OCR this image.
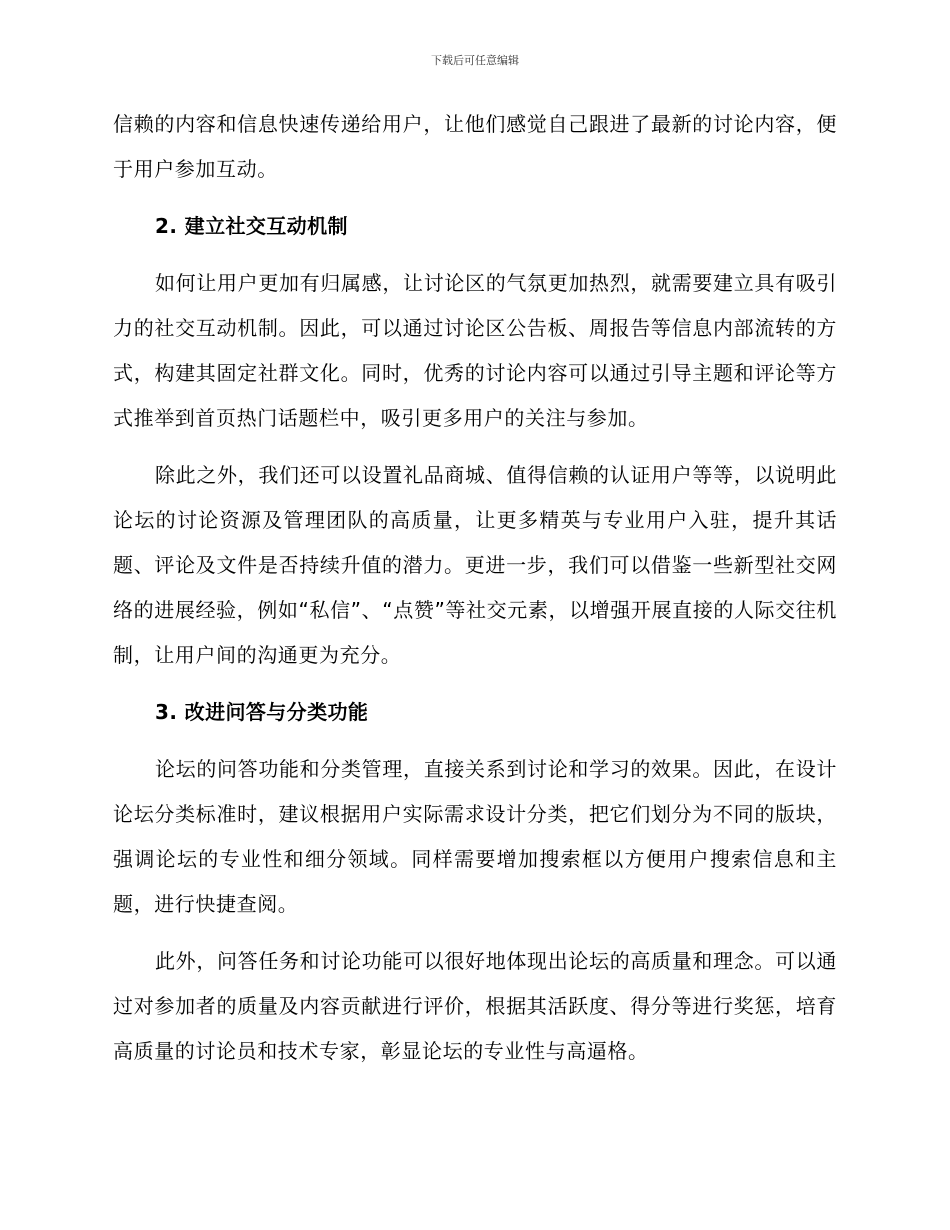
下载后可任意编辑

信赖的内容和信息快速传递给用户，让他们感觉自己跟进了最新的讨论内容，便于用户参加互动。

2. 建立社交互动机制

如何让用户更加有归属感，让讨论区的气氛更加热烈，就需要建立具有吸引力的社交互动机制。因此，可以通过讨论区公告板、周报告等信息内部流转的方式，构建其固定社群文化。同时，优秀的讨论内容可以通过引导主题和评论等方式推举到首页热门话题栏中，吸引更多用户的关注与参加。

除此之外，我们还可以设置礼品商城、值得信赖的认证用户等等，以说明此论坛的讨论资源及管理团队的高质量，让更多精英与专业用户入驻，提升其话题、评论及文件是否持续升值的潜力。更进一步，我们可以借鉴一些新型社交网络的进展经验，例如“私信”、“点赞”等社交元素，以增强开展直接的人际交往机制，让用户间的沟通更为充分。

3. 改进问答与分类功能

论坛的问答功能和分类管理，直接关系到讨论和学习的效果。因此，在设计论坛分类标准时，建议根据用户实际需求设计分类，把它们划分为不同的版块，强调论坛的专业性和细分领域。同样需要增加搜索框以方便用户搜索信息和主题，进行快捷查阅。

此外，问答任务和讨论功能可以很好地体现出论坛的高质量和理念。可以通过对参加者的质量及内容贡献进行评价，根据其活跃度、得分等进行奖惩，培育高质量的讨论员和技术专家，彰显论坛的专业性与高逼格。
